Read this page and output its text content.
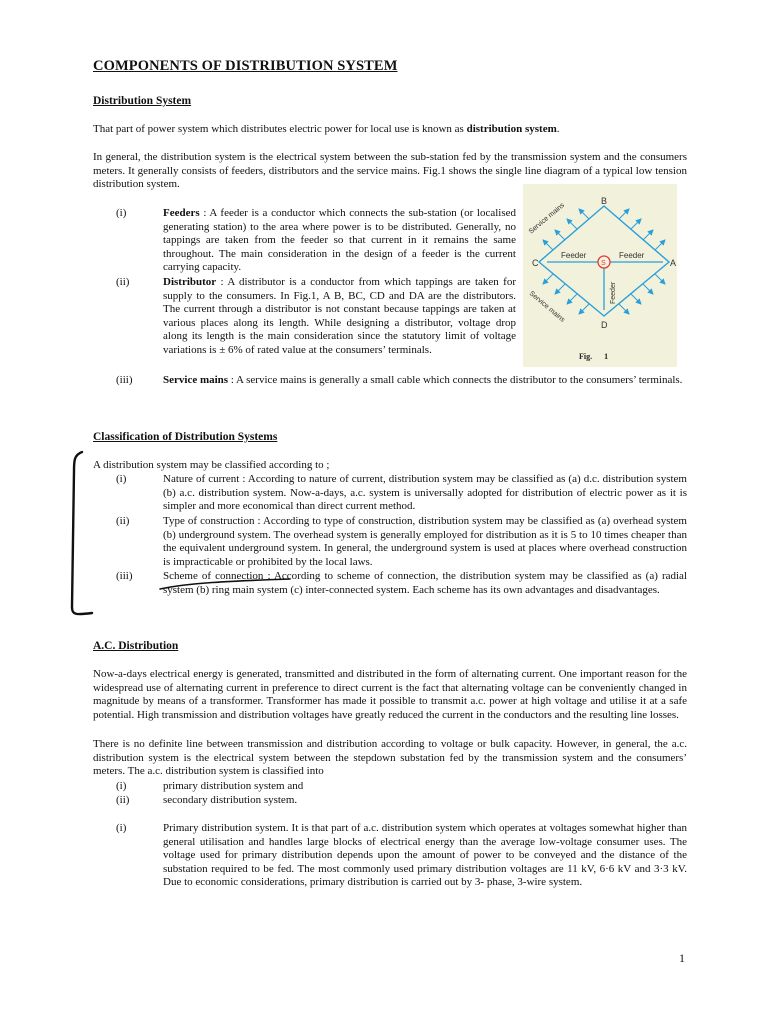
COMPONENTS OF DISTRIBUTION SYSTEM
Distribution System

That part of power system which distributes electric power for local use is known as distribution system.

In general, the distribution system is the electrical system between the sub-station fed by the transmission system and the consumers meters. It generally consists of feeders, distributors and the service mains. Fig.1 shows the single line diagram of a typical low tension distribution system.

(i)	Feeders : A feeder is a conductor which connects the sub-station (or localised generating station) to the area where power is to be distributed. Generally, no tappings are taken from the feeder so that current in it remains the same throughout. The main consideration in the design of a feeder is the current carrying capacity.
(ii)	Distributor : A distributor is a conductor from which tappings are taken for supply to the consumers. In Fig.1, A B, BC, CD and DA are the distributors. The current through a distributor is not constant because tappings are taken at various places along its length. While designing a distributor, voltage drop along its length is the main consideration since the statutory limit of voltage variations is ± 6% of rated value at the consumers’ terminals.
(iii)	Service mains : A service mains is generally a small cable which connects the distributor to the consumers’ terminals.
B
A
C
D
S
Feeder	Feeder
Feeder
Service mains
Service mains
Fig.      1
Classification of Distribution Systems

A distribution system may be classified according to ;

(i)	Nature of current : According to nature of current, distribution system may be classified as (a) d.c. distribution system (b) a.c. distribution system. Now-a-days, a.c. system is universally adopted for distribution of electric power as it is simpler and more economical than direct current method.
(ii)	Type of construction : According to type of construction, distribution system may be classified as (a) overhead system (b) underground system. The overhead system is generally employed for distribution as it is 5 to 10 times cheaper than the equivalent underground system. In general, the underground system is used at places where overhead construction is impracticable or prohibited by the local laws.
(iii)	Scheme of connection : According to scheme of connection, the distribution system may be classified as (a) radial system (b) ring main system (c) inter-connected system. Each scheme has its own advantages and disadvantages.
A.C. Distribution

Now-a-days electrical energy is generated, transmitted and distributed in the form of alternating current. One important reason for the widespread use of alternating current in preference to direct current is the fact that alternating voltage can be conveniently changed in magnitude by means of a transformer. Transformer has made it possible to transmit a.c. power at high voltage and utilise it at a safe potential. High transmission and distribution voltages have greatly reduced the current in the conductors and the resulting line losses.

There is no definite line between transmission and distribution according to voltage or bulk capacity. However, in general, the a.c. distribution system is the electrical system between the stepdown substation fed by the transmission system and the consumers’ meters. The a.c. distribution system is classified into

(i)	primary distribution system and
(ii)	secondary distribution system.
(i)	Primary distribution system. It is that part of a.c. distribution system which operates at voltages somewhat higher than general utilisation and handles large blocks of electrical energy than the average low-voltage consumer uses. The voltage used for primary distribution depends upon the amount of power to be conveyed and the distance of the substation required to be fed. The most commonly used primary distribution voltages are 11 kV, 6·6 kV and 3·3 kV. Due to economic considerations, primary distribution is carried out by 3- phase, 3-wire system.
1
